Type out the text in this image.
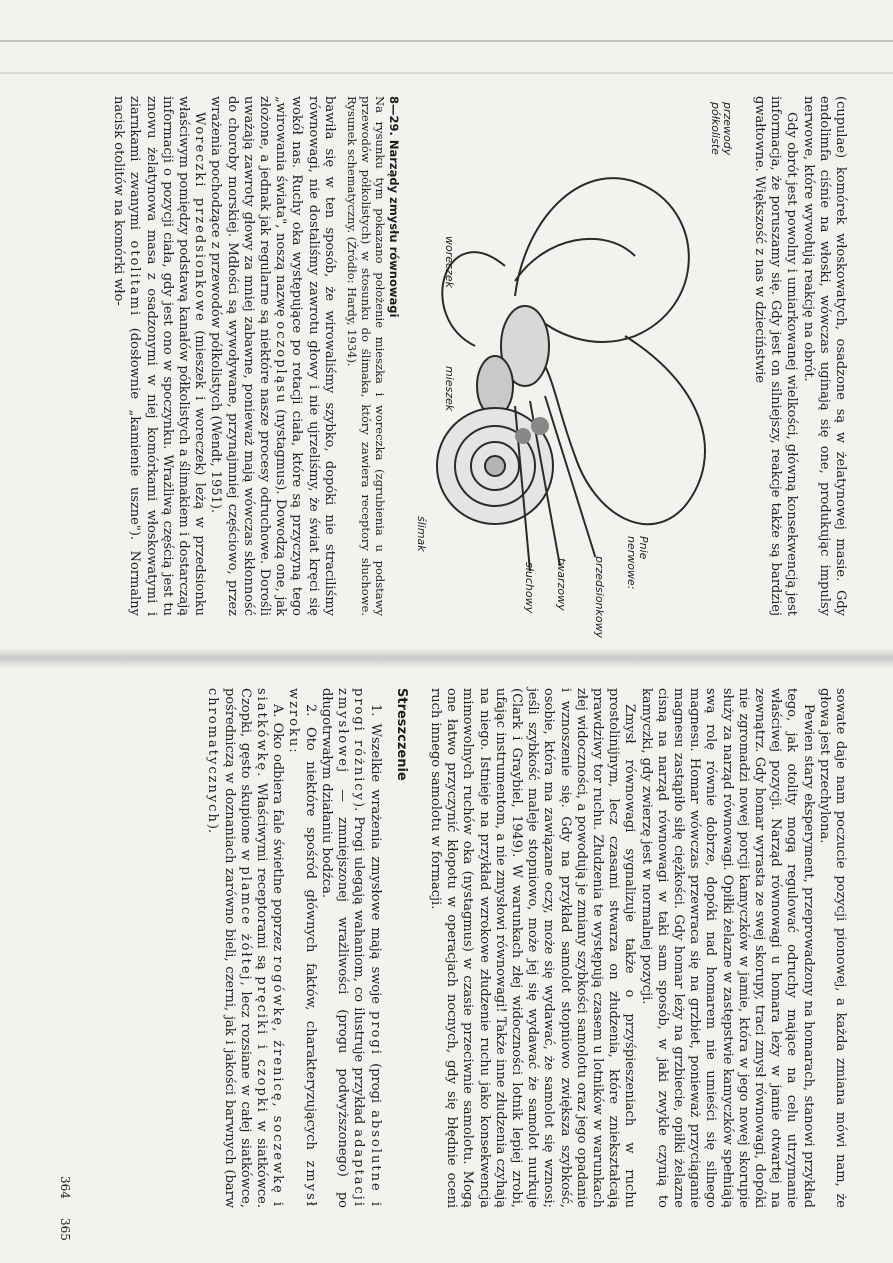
(cupulae) komórek włoskowatych, osadzone są w żelatynowej masie. Gdy endolimfa ciśnie na włoski, wówczas uginają się one, produkując impulsy nerwowe, które wywołują reakcję na obrót.

Gdy obrót jest powolny i umiarkowanej wielkości, główną konsekwencją jest informacja, że poruszamy się. Gdy jest on silniejszy, reakcje także są bardziej gwałtowne. Większość z nas w dzieciństwie

przewody półkoliste
woreczek
mieszek
ślimak	Pnie nerwowe:
przedsionkowy
twarzowy
słuchowy
8—29. Narządy zmysłu równowagi
Na rysunku tym pokazano położenie mieszka i woreczka (zgrubienia u podstawy przewodów półkolistych) w stosunku do ślimaka, który zawiera receptory słuchowe. Rysunek schematyczny. (Źródło: Hardy, 1934).

bawiła się w ten sposób, że wirowaliśmy szybko, dopóki nie straciliśmy równowagi, nie dostaliśmy zawrotu głowy i nie ujrzeliśmy, że świat kręci się wokół nas. Ruchy oka występujące po rotacji ciała, które są przyczyną tego „wirowania świata", noszą nazwę oczopląsu (nystagmus). Dowodzą one, jak złożone, a jednak jak regularne są niektóre nasze procesy odruchowe. Dorośli uważają zawroty głowy za mniej zabawne, ponieważ mają wówczas skłonność do choroby morskiej. Mdłości są wywoływane, przynajmniej częściowo, przez wrażenia pochodzące z przewodów półkolistych (Wendt, 1951).

Woreczki przedsionkowe (mieszek i woreczek) leżą w przedsionku właściwym pomiędzy podstawą kanałów półkolistych a ślimakiem i dostarczają informacji o pozycji ciała, gdy jest ono w spoczynku. Wrażliwą częścią jest tu znowu żelatynowa masa z osadzonymi w niej komórkami włoskowatymi i ziarnkami zwanymi otolitami (dosłownie „kamienie uszne"). Normalny nacisk otolitów na komórki wło-

364	sowate daje nam poczucie pozycji pionowej, a każda zmiana mówi nam, że głowa jest przechylona.

Pewien stary eksperyment, przeprowadzony na homarach, stanowi przykład tego, jak otolity mogą regulować odruchy mające na celu utrzymanie właściwej pozycji. Narząd równowagi u homara leży w jamie otwartej na zewnątrz. Gdy homar wyrasta ze swej skorupy, traci zmysł równowagi, dopóki nie zgromadzi nowej porcji kamyczków w jamie, która w jego nowej skorupie służy za narząd równowagi. Opiłki żelazne w zastępstwie kamyczków spełniają swą rolę równie dobrze, dopóki nad homarem nie umieści się silnego magnesu. Homar wówczas przewraca się na grzbiet, ponieważ przyciąganie magnesu zastąpiło siłę ciężkości. Gdy homar leży na grzbiecie, opiłki żelazne cisną na narząd równowagi w taki sam sposób, w jaki zwykle czynią to kamyczki, gdy zwierzę jest w normalnej pozycji.

Zmysł równowagi sygnalizuje także o przyśpieszeniach w ruchu prostolinijnym, lecz czasami stwarza on złudzenia, które zniekształcają prawdziwy tor ruchu. Złudzenia te występują czasem u lotników w warunkach złej widoczności, a powodują je zmiany szybkości samolotu oraz jego opadanie i wznoszenie się. Gdy na przykład samolot stopniowo zwiększa szybkość, osobie, która ma zawiązane oczy, może się wydawać, że samolot się wznosi; jeśli szybkość maleje stopniowo, może jej się wydawać że samolot nurkuje (Clark i Graybiel, 1949). W warunkach złej widoczności lotnik lepiej zrobi, ufając instrumentom, a nie zmysłowi równowagi! Także inne złudzenia czyhają na niego. Istnieje na przykład wzrokowe złudzenie ruchu jako konsekwencja mimowolnych ruchów oka (nystagmus) w czasie przeciwnie samolotu. Mogą one łatwo przyczynić kłopotu w operacjach nocnych, gdy się błędnie oceni ruch innego samolotu w formacji.

Streszczenie

1. Wszelkie wrażenia zmysłowe mają swoje progi (progi absolutne i progi różnicy). Progi ulegają wahaniom, co ilustruje przykład adaptacji zmysłowej — zmniejszonej wrażliwości (progu podwyższonego) po długotrwałym działaniu bodźca.

2. Oto niektóre spośród głównych faktów, charakteryzujących zmysł wzroku:

A. Oko odbiera fale świetlne poprzez rogówkę, źrenicę, soczewkę i siatkówkę. Właściwymi receptorami są pręciki i czopki w siatkówce. Czopki, gęsto skupione w plamce żółtej, lecz rozsiane w całej siatkówce, pośredniczą w doznaniach zarówno bieli, czerni, jak i jakości barwnych (barw chromatycznych).

365
